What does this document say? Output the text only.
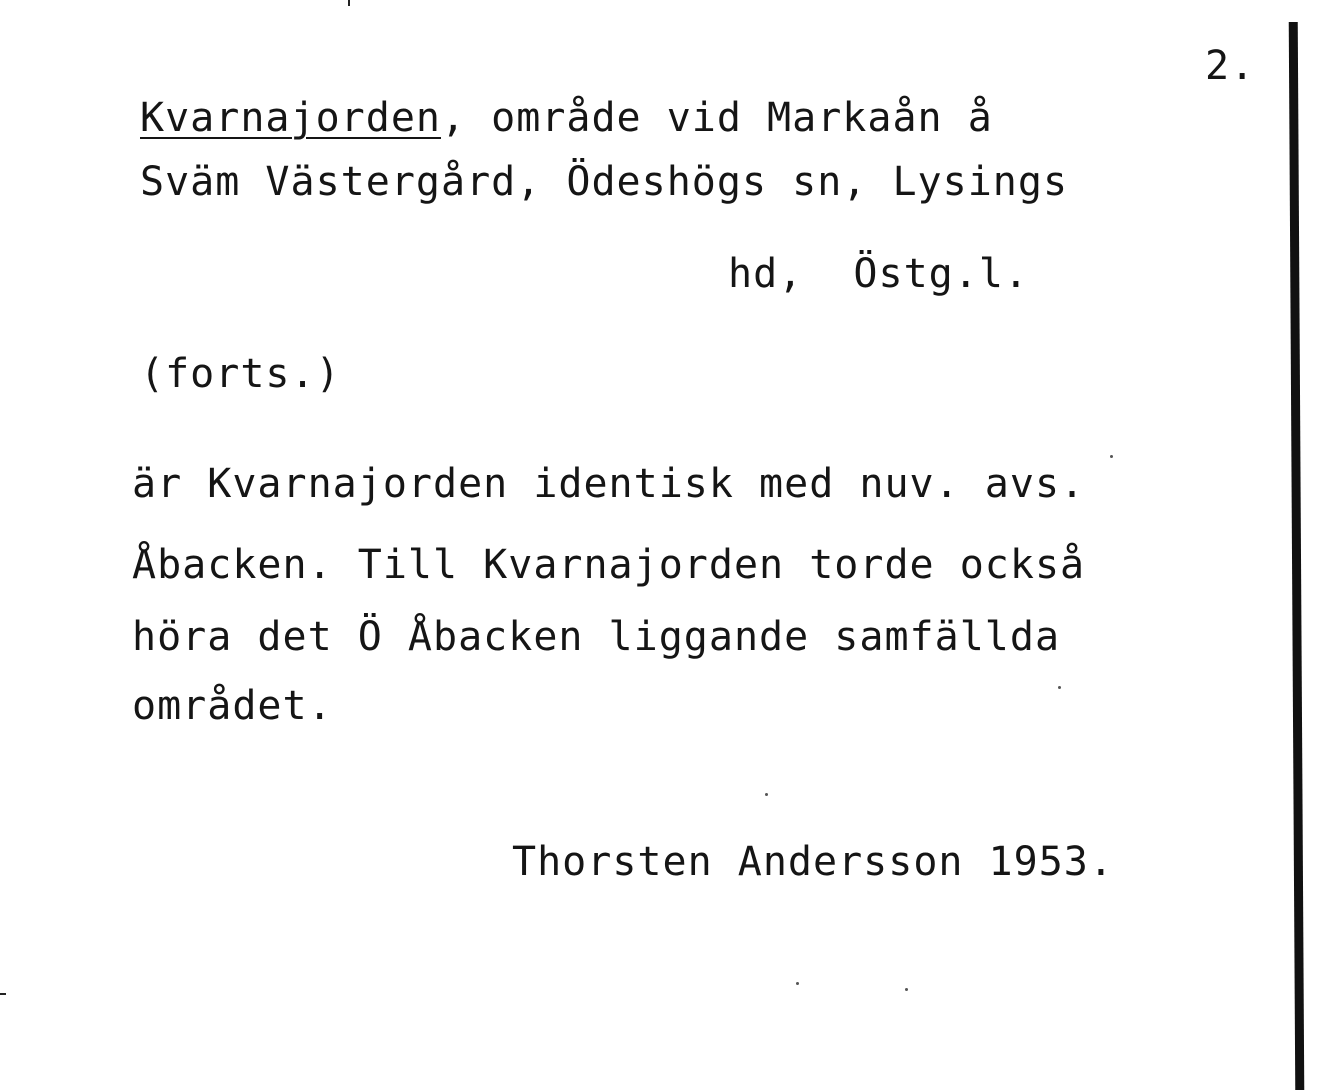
2.
Kvarnajorden, område vid Markaån å
Sväm Västergård, Ödeshögs sn, Lysings
hd,  Östg.l.
(forts.)
är Kvarnajorden identisk med nuv. avs.
Åbacken. Till Kvarnajorden torde också
höra det Ö Åbacken liggande samfällda
området.
Thorsten Andersson 1953.
